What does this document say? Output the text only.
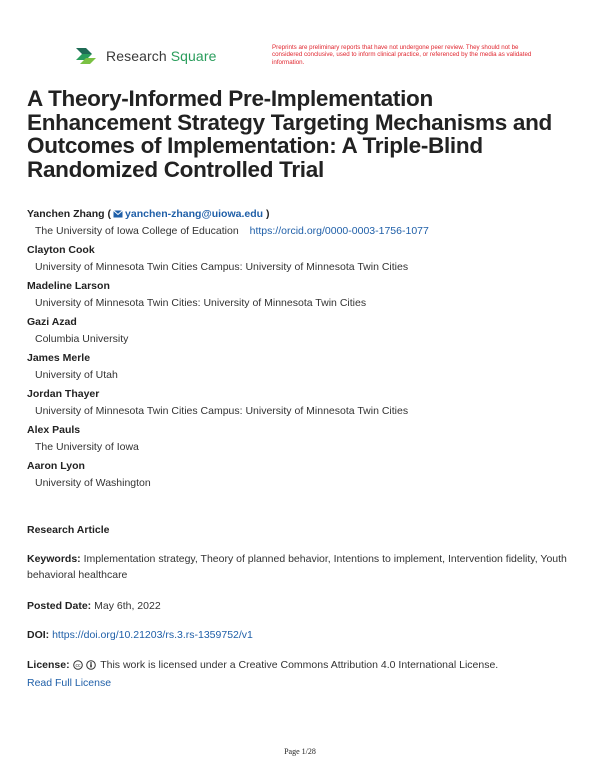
Research Square
Preprints are preliminary reports that have not undergone peer review. They should not be considered conclusive, used to inform clinical practice, or referenced by the media as validated information.
A Theory-Informed Pre-Implementation Enhancement Strategy Targeting Mechanisms and Outcomes of Implementation: A Triple-Blind Randomized Controlled Trial
Yanchen Zhang ( yanchen-zhang@uiowa.edu )
The University of Iowa College of Education https://orcid.org/0000-0003-1756-1077
Clayton Cook
University of Minnesota Twin Cities Campus: University of Minnesota Twin Cities
Madeline Larson
University of Minnesota Twin Cities: University of Minnesota Twin Cities
Gazi Azad
Columbia University
James Merle
University of Utah
Jordan Thayer
University of Minnesota Twin Cities Campus: University of Minnesota Twin Cities
Alex Pauls
The University of Iowa
Aaron Lyon
University of Washington
Research Article
Keywords: Implementation strategy, Theory of planned behavior, Intentions to implement, Intervention fidelity, Youth behavioral healthcare
Posted Date: May 6th, 2022
DOI: https://doi.org/10.21203/rs.3.rs-1359752/v1
License: cc This work is licensed under a Creative Commons Attribution 4.0 International License.
Read Full License
Page 1/28
